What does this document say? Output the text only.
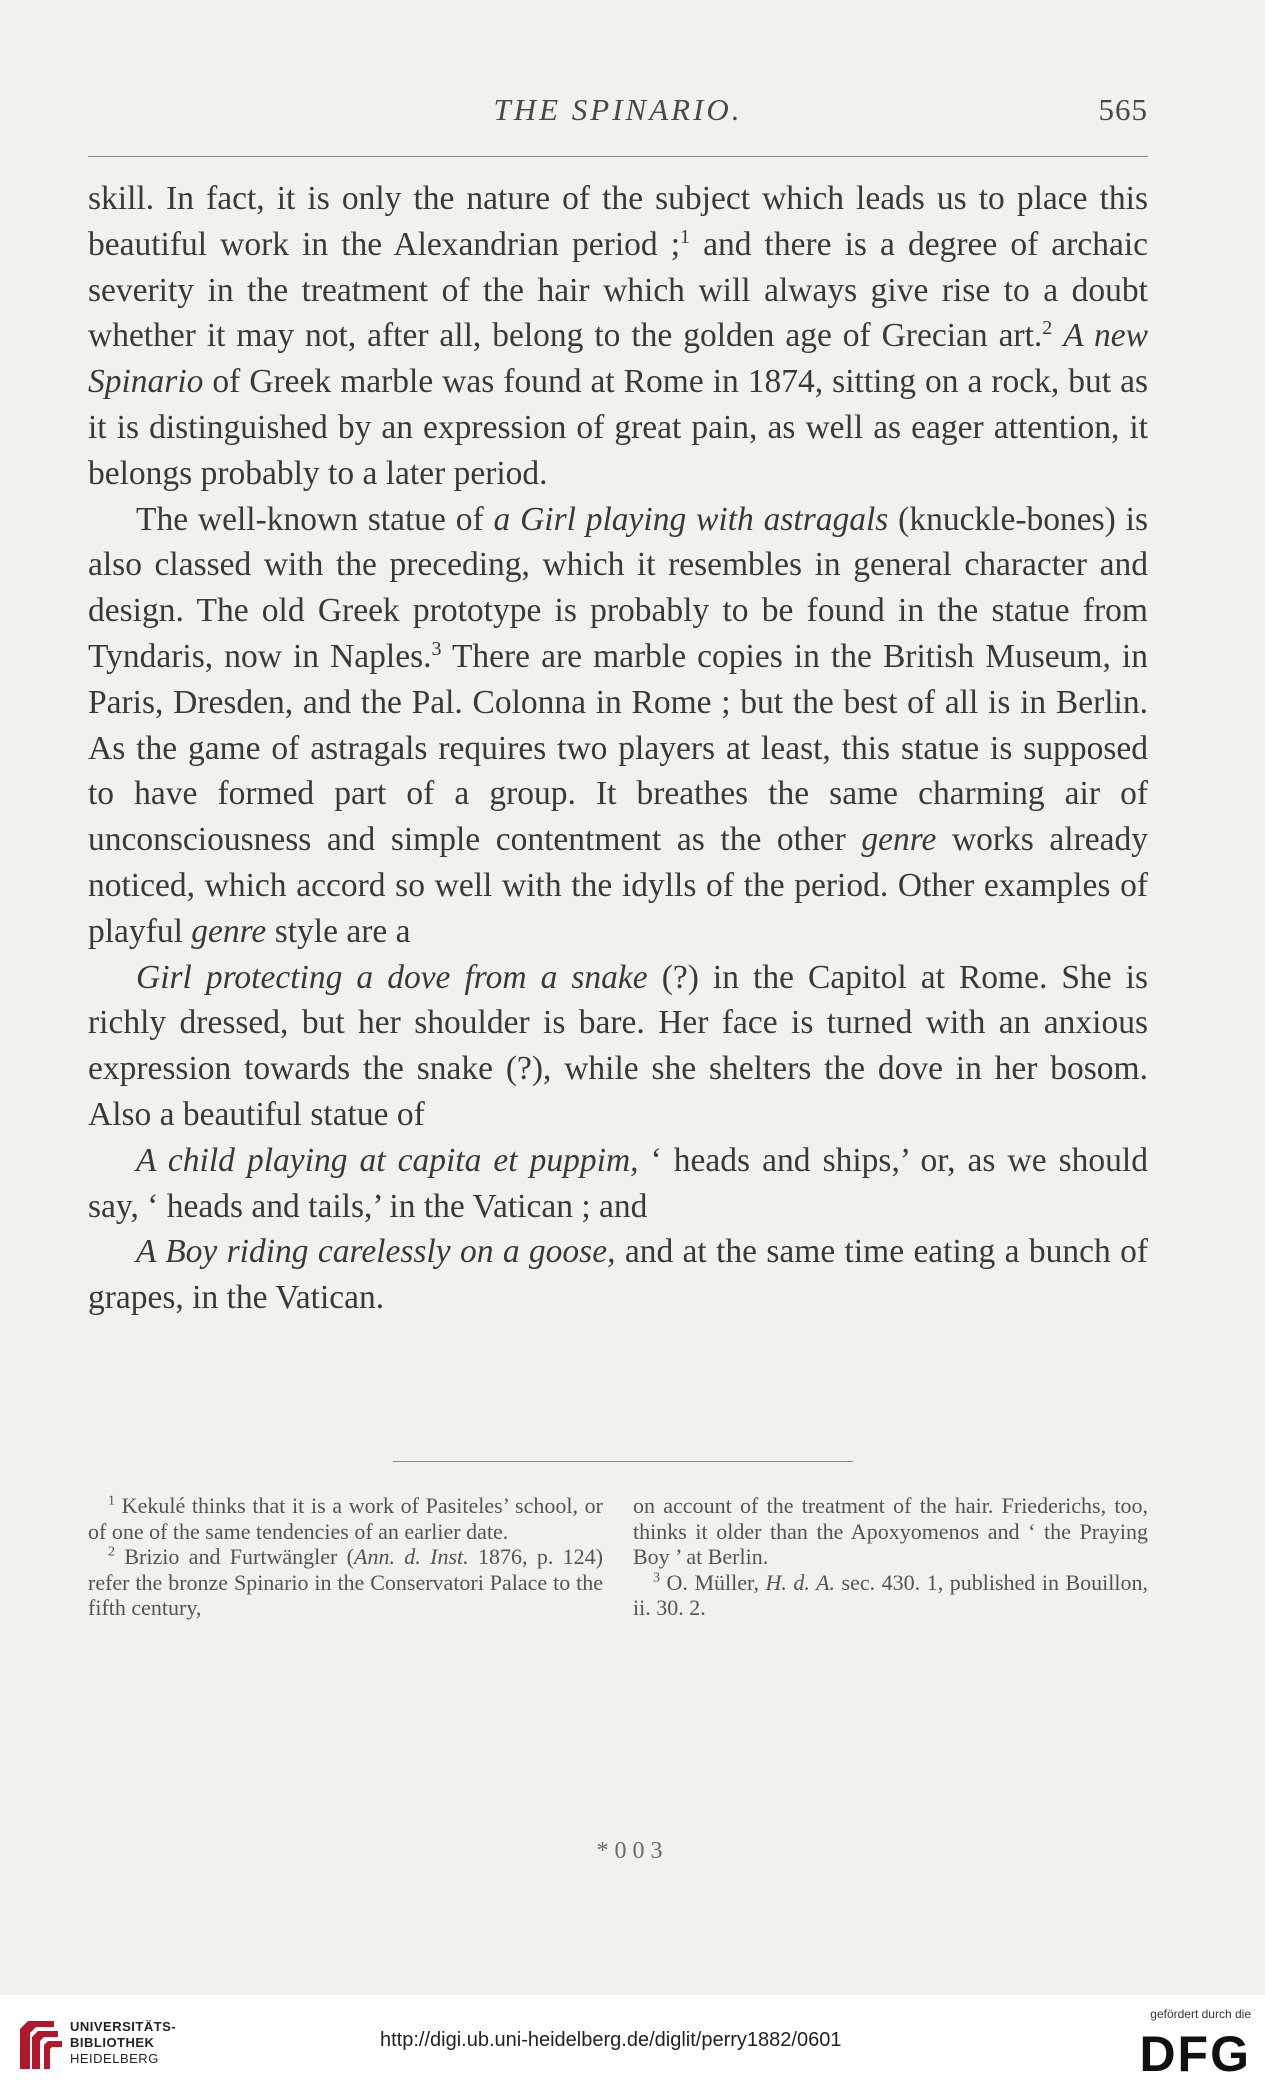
THE SPINARIO.	565

skill. In fact, it is only the nature of the subject which leads us to place this beautiful work in the Alexandrian period ;$^1$ and there is a degree of archaic severity in the treatment of the hair which will always give rise to a doubt whether it may not, after all, belong to the golden age of Grecian art.$^2$ A new Spinario of Greek marble was found at Rome in 1874, sitting on a rock, but as it is distinguished by an expression of great pain, as well as eager attention, it belongs probably to a later period.

The well-known statue of a Girl playing with astragals (knuckle-bones) is also classed with the preceding, which it resembles in general character and design. The old Greek prototype is probably to be found in the statue from Tyndaris, now in Naples.$^3$ There are marble copies in the British Museum, in Paris, Dresden, and the Pal. Colonna in Rome ; but the best of all is in Berlin. As the game of astragals requires two players at least, this statue is supposed to have formed part of a group. It breathes the same charming air of unconsciousness and simple contentment as the other genre works already noticed, which accord so well with the idylls of the period. Other examples of playful genre style are a

Girl protecting a dove from a snake (?) in the Capitol at Rome. She is richly dressed, but her shoulder is bare. Her face is turned with an anxious expression towards the snake (?), while she shelters the dove in her bosom. Also a beautiful statue of

A child playing at capita et puppim, ‘ heads and ships,’ or, as we should say, ‘ heads and tails,’ in the Vatican ; and

A Boy riding carelessly on a goose, and at the same time eating a bunch of grapes, in the Vatican.

$^1$ Kekulé thinks that it is a work of Pasiteles’ school, or of one of the same tendencies of an earlier date.

$^2$ Brizio and Furtwängler (Ann. d. Inst. 1876, p. 124) refer the bronze Spinario in the Conservatori Palace to the fifth century,

on account of the treatment of the hair. Friederichs, too, thinks it older than the Apoxyomenos and ‘ the Praying Boy ’ at Berlin.

$^3$ O. Müller, H. d. A. sec. 430. 1, published in Bouillon, ii. 30. 2.

*003
UNIVERSITÄTS-
BIBLIOTHEK
HEIDELBERG
http://digi.ub.uni-heidelberg.de/diglit/perry1882/0601
gefördert durch die
DFG
